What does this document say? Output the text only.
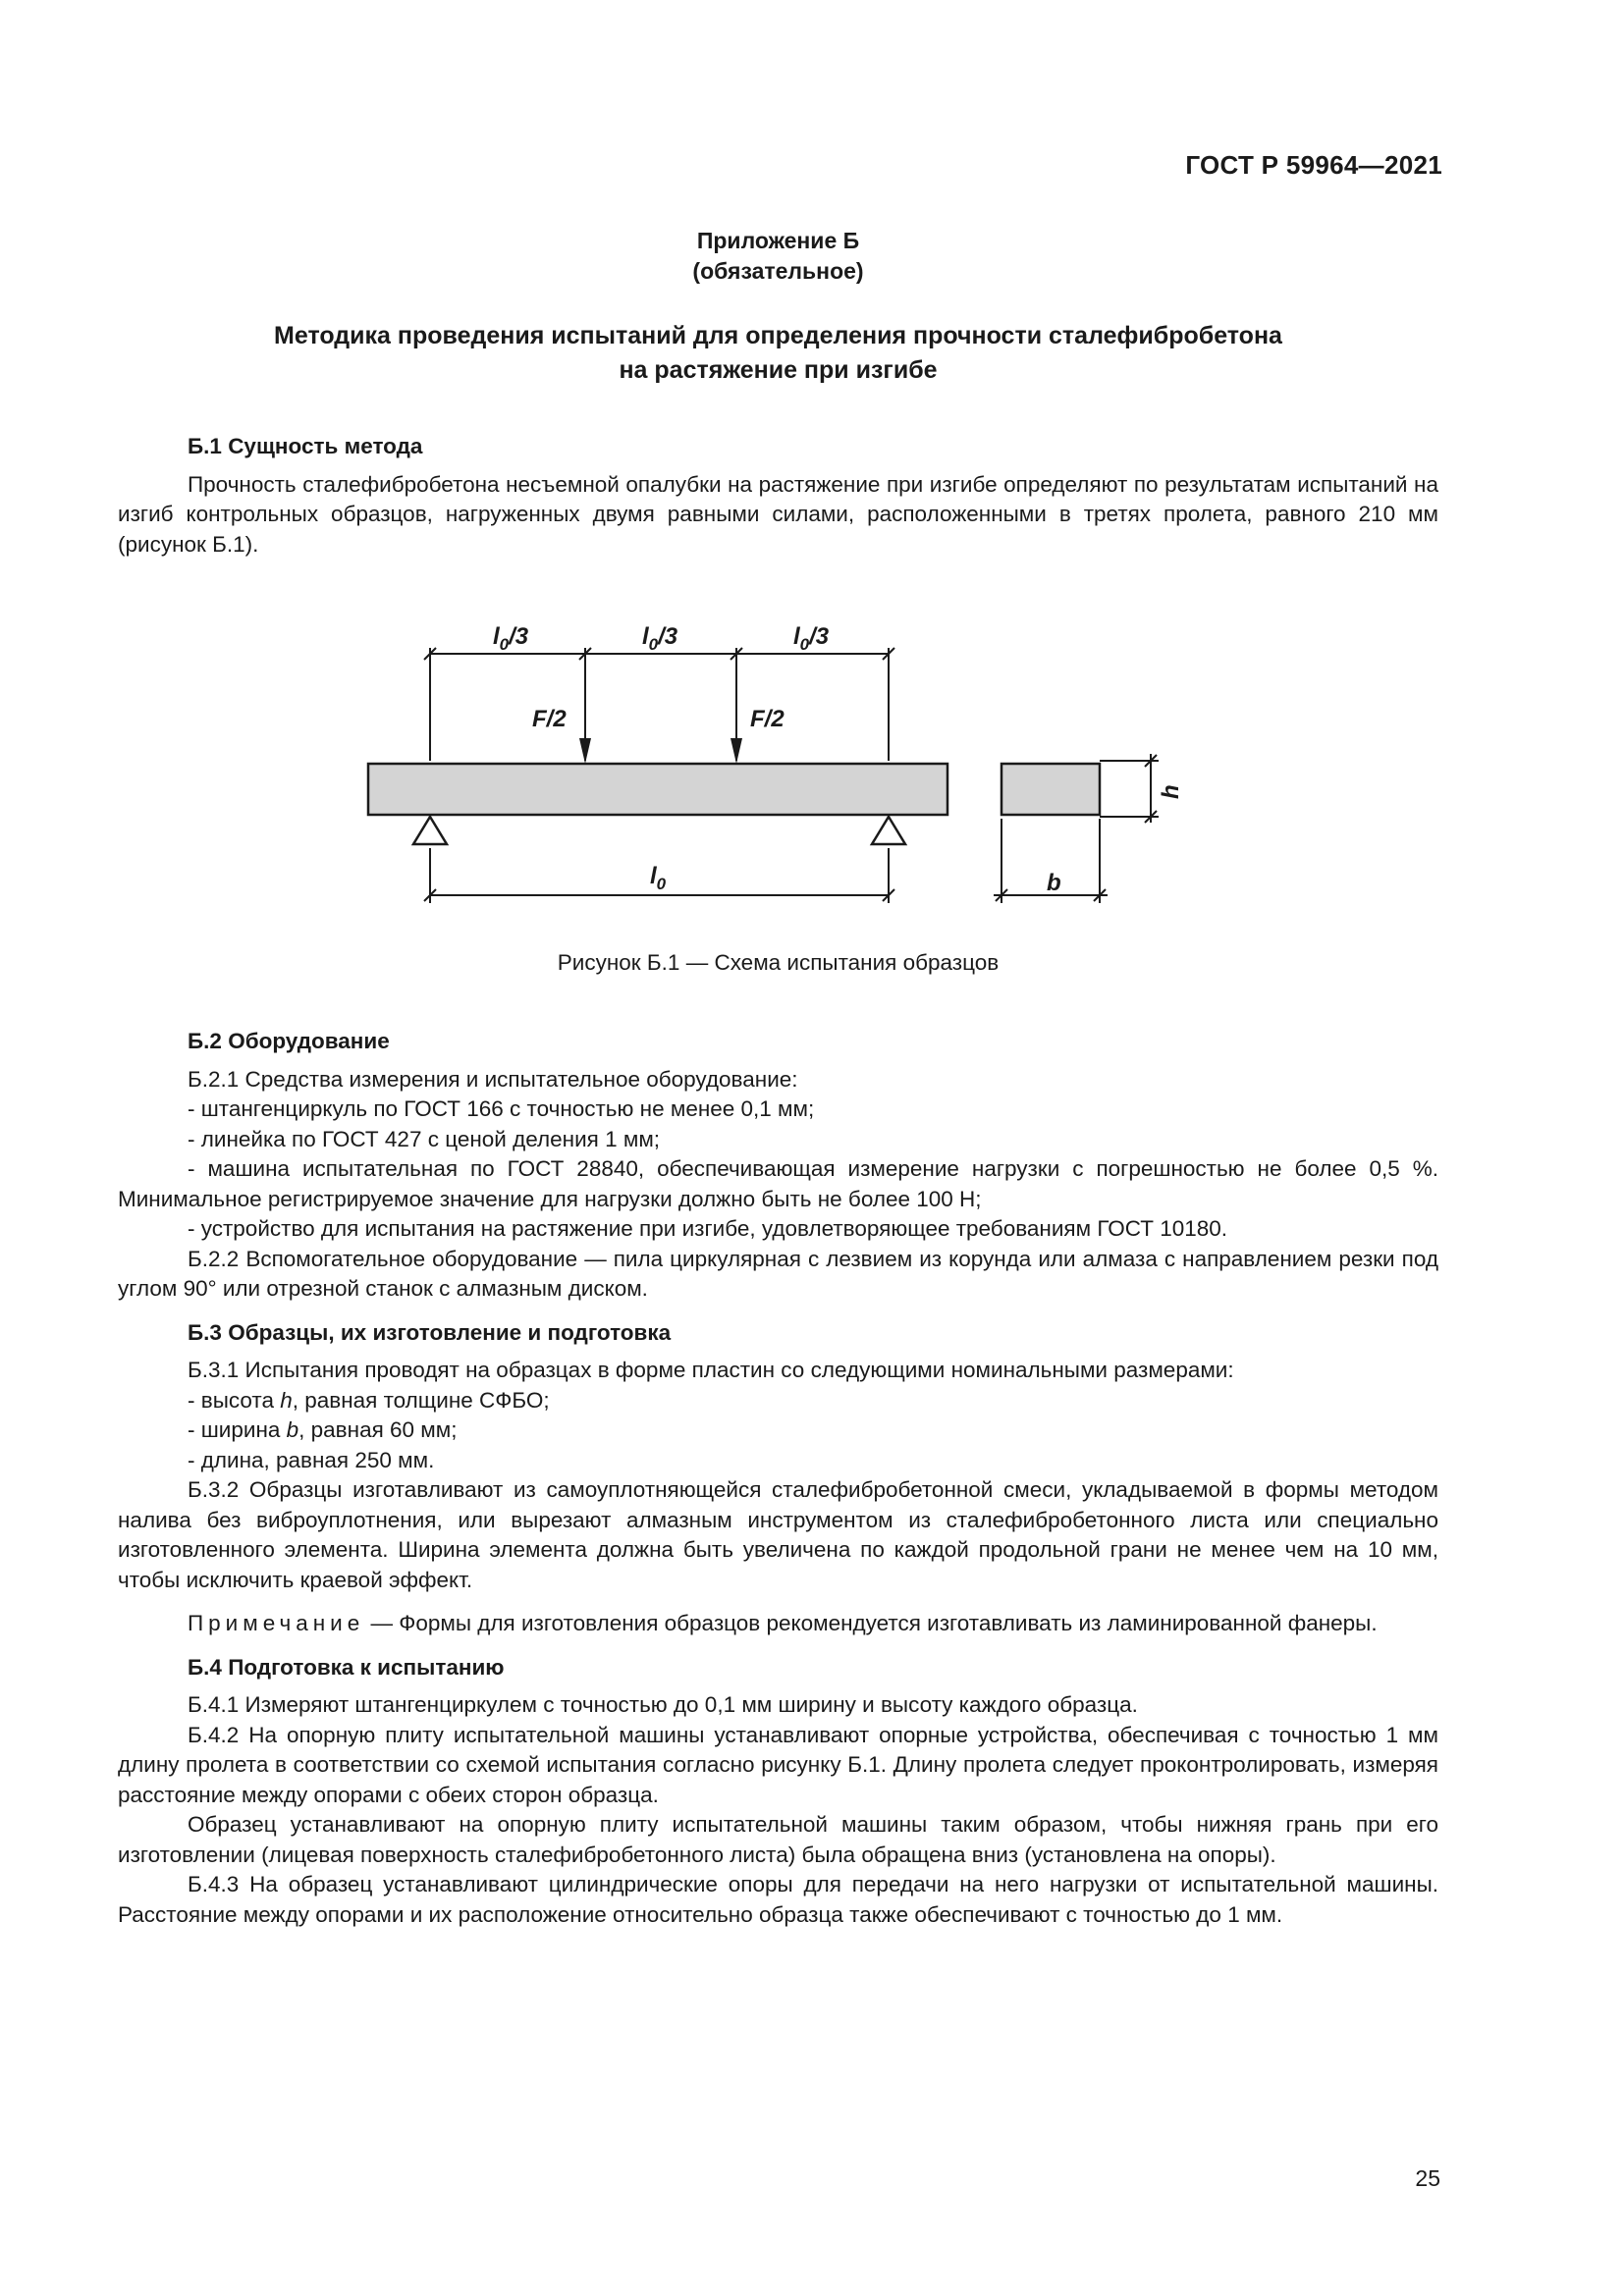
ГОСТ Р 59964—2021
Приложение Б
(обязательное)
Методика проведения испытаний для определения прочности сталефибробетона
на растяжение при изгибе
Б.1 Сущность метода

Прочность сталефибробетона несъемной опалубки на растяжение при изгибе определяют по результатам испытаний на изгиб контрольных образцов, нагруженных двумя равными силами, расположенными в третях пролета, равного 210 мм (рисунок Б.1).

$l_0/3$	$l_0/3$	$l_0/3$
F/2	F/2
$l_0$	b
h
Рисунок Б.1 — Схема испытания образцов
Б.2 Оборудование

Б.2.1 Средства измерения и испытательное оборудование:

- штангенциркуль по ГОСТ 166 с точностью не менее 0,1 мм;

- линейка по ГОСТ 427 с ценой деления 1 мм;

- машина испытательная по ГОСТ 28840, обеспечивающая измерение нагрузки с погрешностью не более 0,5 %. Минимальное регистрируемое значение для нагрузки должно быть не более 100 Н;

- устройство для испытания на растяжение при изгибе, удовлетворяющее требованиям ГОСТ 10180.

Б.2.2 Вспомогательное оборудование — пила циркулярная с лезвием из корунда или алмаза с направлением резки под углом 90° или отрезной станок с алмазным диском.

Б.3 Образцы, их изготовление и подготовка

Б.3.1 Испытания проводят на образцах в форме пластин со следующими номинальными размерами:

- высота h, равная толщине СФБО;

- ширина b, равная 60 мм;

- длина, равная 250 мм.

Б.3.2 Образцы изготавливают из самоуплотняющейся сталефибробетонной смеси, укладываемой в формы методом налива без виброуплотнения, или вырезают алмазным инструментом из сталефибробетонного листа или специально изготовленного элемента. Ширина элемента должна быть увеличена по каждой продольной грани не менее чем на 10 мм, чтобы исключить краевой эффект.

Примечание — Формы для изготовления образцов рекомендуется изготавливать из ламинированной фанеры.

Б.4 Подготовка к испытанию

Б.4.1 Измеряют штангенциркулем с точностью до 0,1 мм ширину и высоту каждого образца.

Б.4.2 На опорную плиту испытательной машины устанавливают опорные устройства, обеспечивая с точностью 1 мм длину пролета в соответствии со схемой испытания согласно рисунку Б.1. Длину пролета следует проконтролировать, измеряя расстояние между опорами с обеих сторон образца.

Образец устанавливают на опорную плиту испытательной машины таким образом, чтобы нижняя грань при его изготовлении (лицевая поверхность сталефибробетонного листа) была обращена вниз (установлена на опоры).

Б.4.3 На образец устанавливают цилиндрические опоры для передачи на него нагрузки от испытательной машины. Расстояние между опорами и их расположение относительно образца также обеспечивают с точностью до 1 мм.

25
